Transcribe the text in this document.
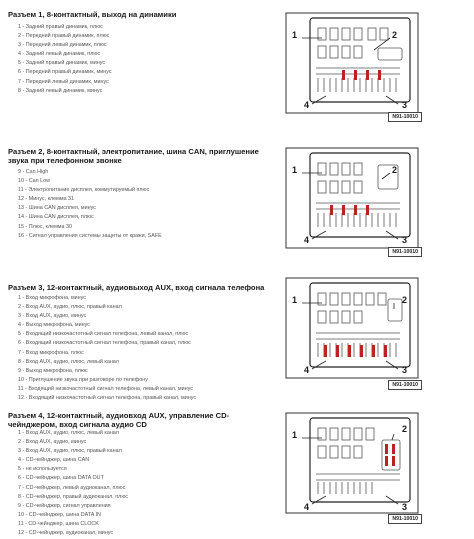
Разъем 1, 8-контактный, выход на динамики
1 - Задний правый динамик, плюс
2 - Передний правый динамик, плюс
3 - Передний левый динамик, плюс
4 - Задний левый динамик, плюс
5 - Задний правый динамик, минус
6 - Передний правый динамик, минус
7 - Передний левый динамик, минус
8 - Задний левый динамик, минус
1	2
3
4
N91-10010
Разъем 2, 8-контактный, электропитание, шина CAN, приглушение звука при телефонном звонке
9 - Can High
10 - Can Low
11 - Электропитание дисплея, коммутируемый плюс
12 - Минус, клемма 31
13 - Шина CAN дисплея, минус
14 - Шина CAN дисплея, плюс
15 - Плюс, клемма 30
16 - Сигнал управления системы защиты от кражи, SAFE
1	2
3
4
N91-10010
Разъем 3, 12-контактный, аудиовыход AUX, вход сигнала телефона
1 - Вход микрофона, минус
2 - Вход AUX, аудио, плюс, правый канал
3 - Вход AUX, аудио, минус
4 - Выход микрофона, минус
5 - Входящий низкочастотный сигнал телефона, левый канал, плюс
6 - Входящий низкочастотный сигнал телефона, правый канал, плюс
7 - Вход микрофона, плюс
8 - Вход AUX, аудио, плюс, левый канал
9 - Выход микрофона, плюс
10 - Приглушение звука при разговоре по телефону
11 - Входящий низкочастотный сигнал телефона, левый канал, минус
12 - Входящий низкочастотный сигнал телефона, правый канал, минус
1	2
3
4
N91-10010
Разъем 4, 12-контактный, аудиовход AUX, управление CD-чейнджером, вход сигнала аудио CD
1 - Вход AUX, аудио, плюс, левый канал
2 - Вход AUX, аудио, минус
3 - Вход AUX, аудио, плюс, правый канал
4 - CD-чейнджер, шина CAN
5 - не используется
6 - CD-чейнджер, шина DATA OUT
7 - CD-чейнджер, левый аудиоканал, плюс
8 - CD-чейнджер, правый аудиоканал, плюс
9 - CD-чейнджер, сигнал управления
10 - CD-чейнджер, шина DATA IN
11 - CD-чейнджер, шина CLOCK
12 - CD-чейнджер, аудиоканал, минус
1
2
3
4
N91-10010
